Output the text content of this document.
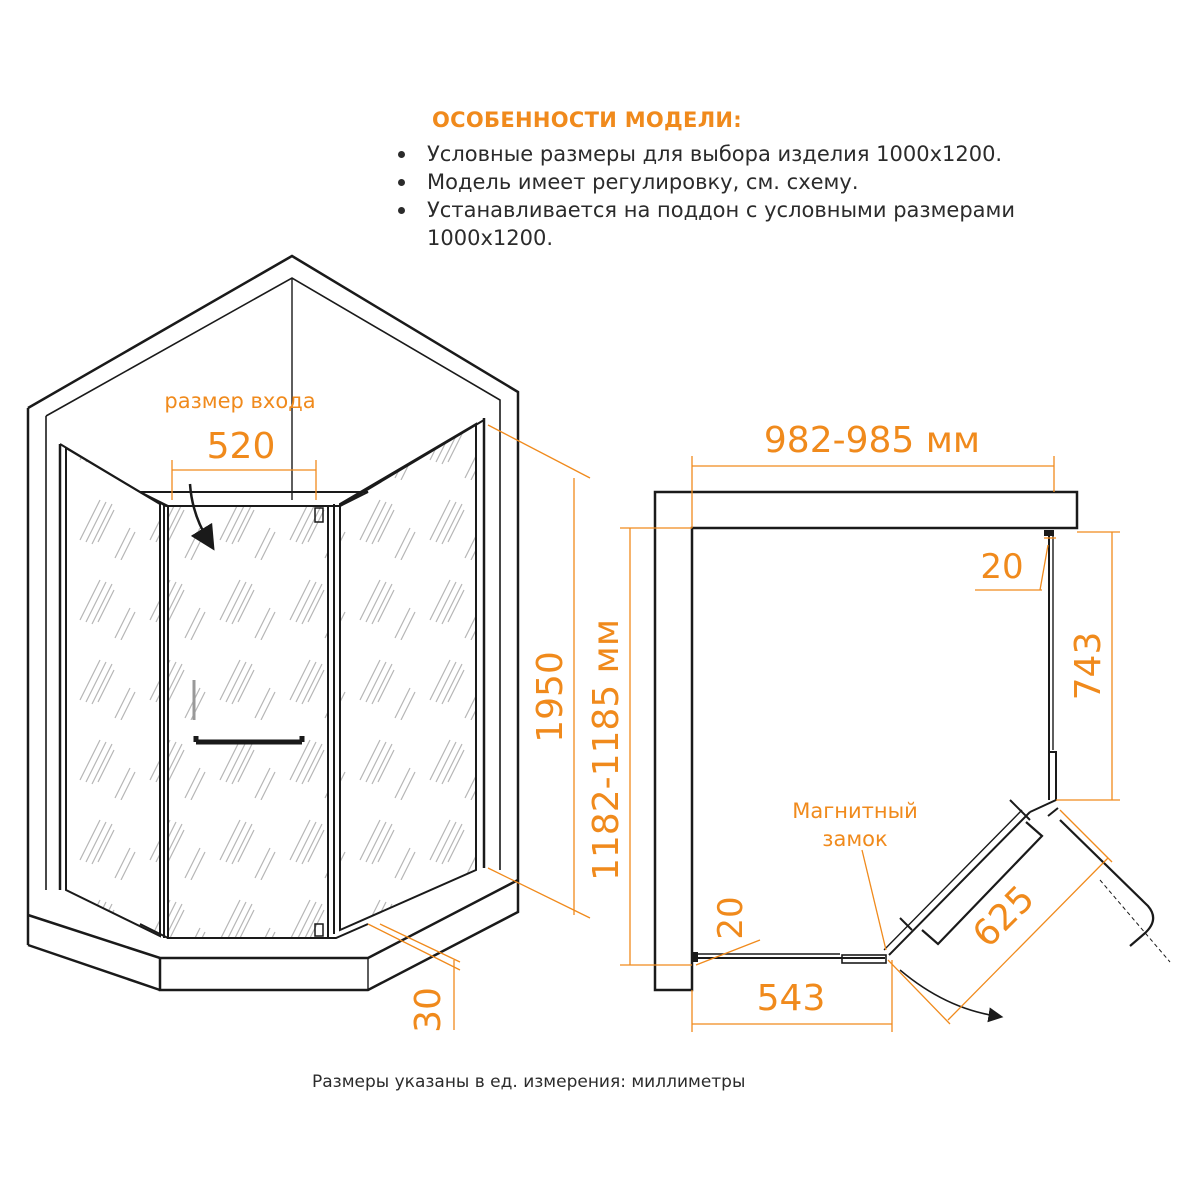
ОСОБЕННОСТИ МОДЕЛИ:
Условные размеры для выбора изделия 1000x1200.
Модель имеет регулировку, см. схему.
Устанавливается на поддон с условными размерами 1000x1200.
размер входа
520
1950
30
982-985 мм
1182-1185 мм
20
743
625
20
543
Магнитный
замок
Размеры указаны в ед. измерения: миллиметры
